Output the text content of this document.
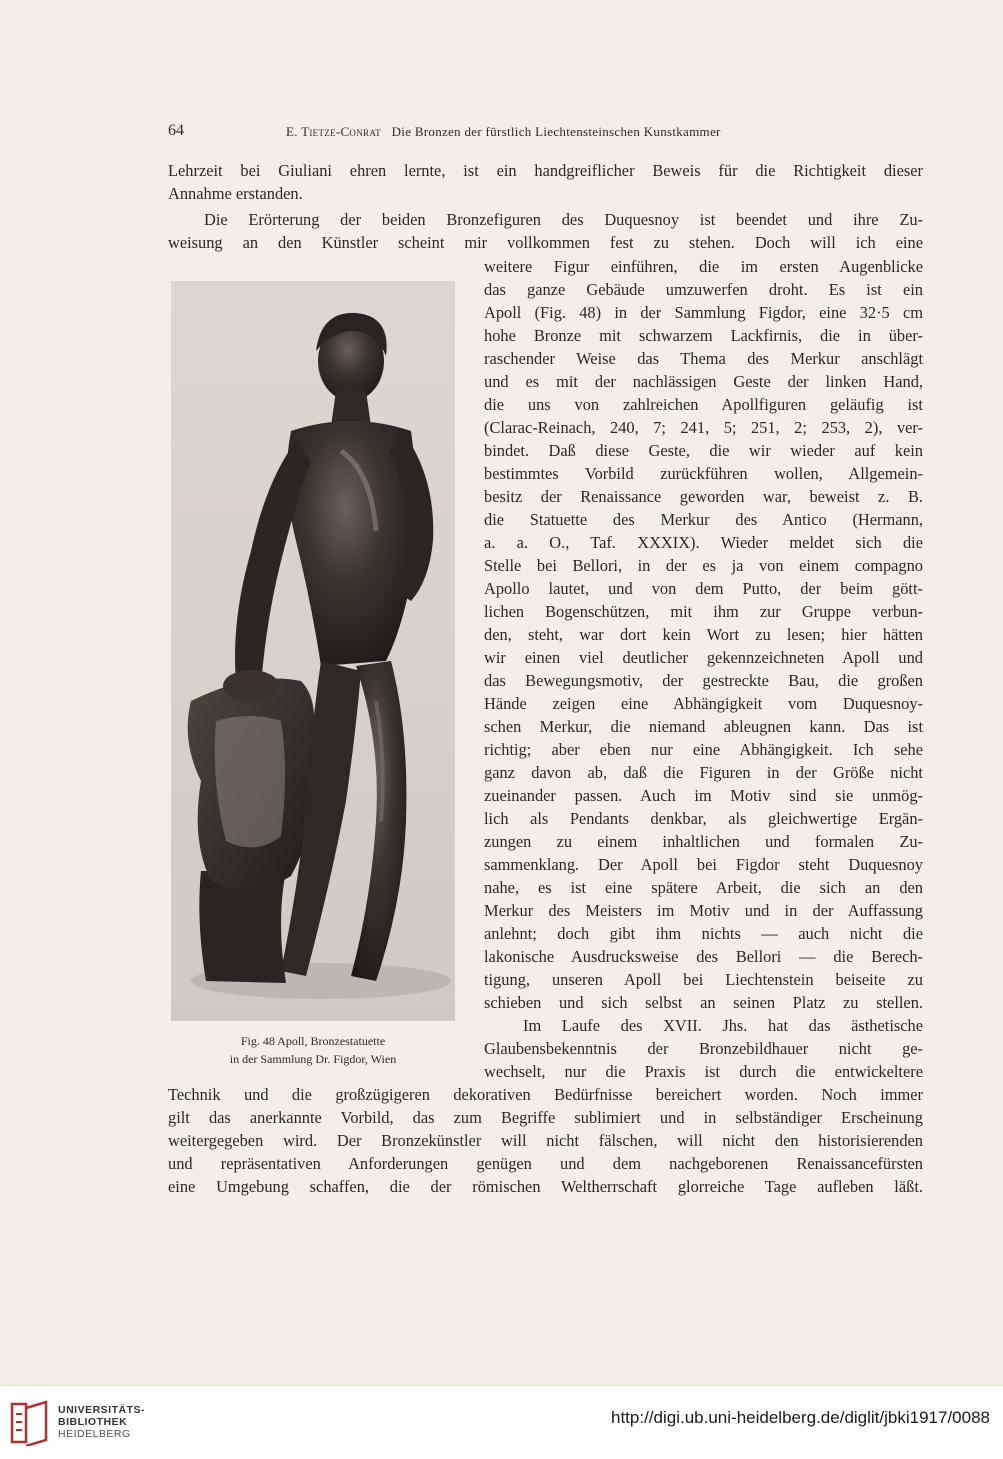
64	E. Tietze-Conrat Die Bronzen der fürstlich Liechtensteinschen Kunstkammer
Lehrzeit bei Giuliani ehren lernte, ist ein handgreiflicher Beweis für die Richtigkeit dieser
Annahme erstanden.
Die Erörterung der beiden Bronzefiguren des Duquesnoy ist beendet und ihre Zu-
weisung an den Künstler scheint mir vollkommen fest zu stehen. Doch will ich eine
weitere Figur einführen, die im ersten Augenblicke
das ganze Gebäude umzuwerfen droht. Es ist ein
Apoll (Fig. 48) in der Sammlung Figdor, eine 32·5 cm
hohe Bronze mit schwarzem Lackfirnis, die in über-
raschender Weise das Thema des Merkur anschlägt
und es mit der nachlässigen Geste der linken Hand,
die uns von zahlreichen Apollfiguren geläufig ist
(Clarac-Reinach, 240, 7; 241, 5; 251, 2; 253, 2), ver-
bindet. Daß diese Geste, die wir wieder auf kein
bestimmtes Vorbild zurückführen wollen, Allgemein-
besitz der Renaissance geworden war, beweist z. B.
die Statuette des Merkur des Antico (Hermann,
a. a. O., Taf. XXXIX). Wieder meldet sich die
Stelle bei Bellori, in der es ja von einem compagno
Apollo lautet, und von dem Putto, der beim gött-
lichen Bogenschützen, mit ihm zur Gruppe verbun-
den, steht, war dort kein Wort zu lesen; hier hätten
wir einen viel deutlicher gekennzeichneten Apoll und
das Bewegungsmotiv, der gestreckte Bau, die großen
Hände zeigen eine Abhängigkeit vom Duquesnoy-
schen Merkur, die niemand ableugnen kann. Das ist
richtig; aber eben nur eine Abhängigkeit. Ich sehe
ganz davon ab, daß die Figuren in der Größe nicht
zueinander passen. Auch im Motiv sind sie unmög-
lich als Pendants denkbar, als gleichwertige Ergän-
zungen zu einem inhaltlichen und formalen Zu-
sammenklang. Der Apoll bei Figdor steht Duquesnoy
nahe, es ist eine spätere Arbeit, die sich an den
Merkur des Meisters im Motiv und in der Auffassung
anlehnt; doch gibt ihm nichts — auch nicht die
lakonische Ausdrucksweise des Bellori — die Berech-
tigung, unseren Apoll bei Liechtenstein beiseite zu
schieben und sich selbst an seinen Platz zu stellen.
Im Laufe des XVII. Jhs. hat das ästhetische
Glaubensbekenntnis der Bronzebildhauer nicht ge-
wechselt, nur die Praxis ist durch die entwickeltere
Fig. 48 Apoll, Bronzestatuette
in der Sammlung Dr. Figdor, Wien
Technik und die großzügigeren dekorativen Bedürfnisse bereichert worden. Noch immer
gilt das anerkannte Vorbild, das zum Begriffe sublimiert und in selbständiger Erscheinung
weitergegeben wird. Der Bronzekünstler will nicht fälschen, will nicht den historisierenden
und repräsentativen Anforderungen genügen und dem nachgeborenen Renaissancefürsten
eine Umgebung schaffen, die der römischen Weltherrschaft glorreiche Tage aufleben läßt.
UNIVERSITÄTS-
BIBLIOTHEK
HEIDELBERG
http://digi.ub.uni-heidelberg.de/diglit/jbki1917/0088
